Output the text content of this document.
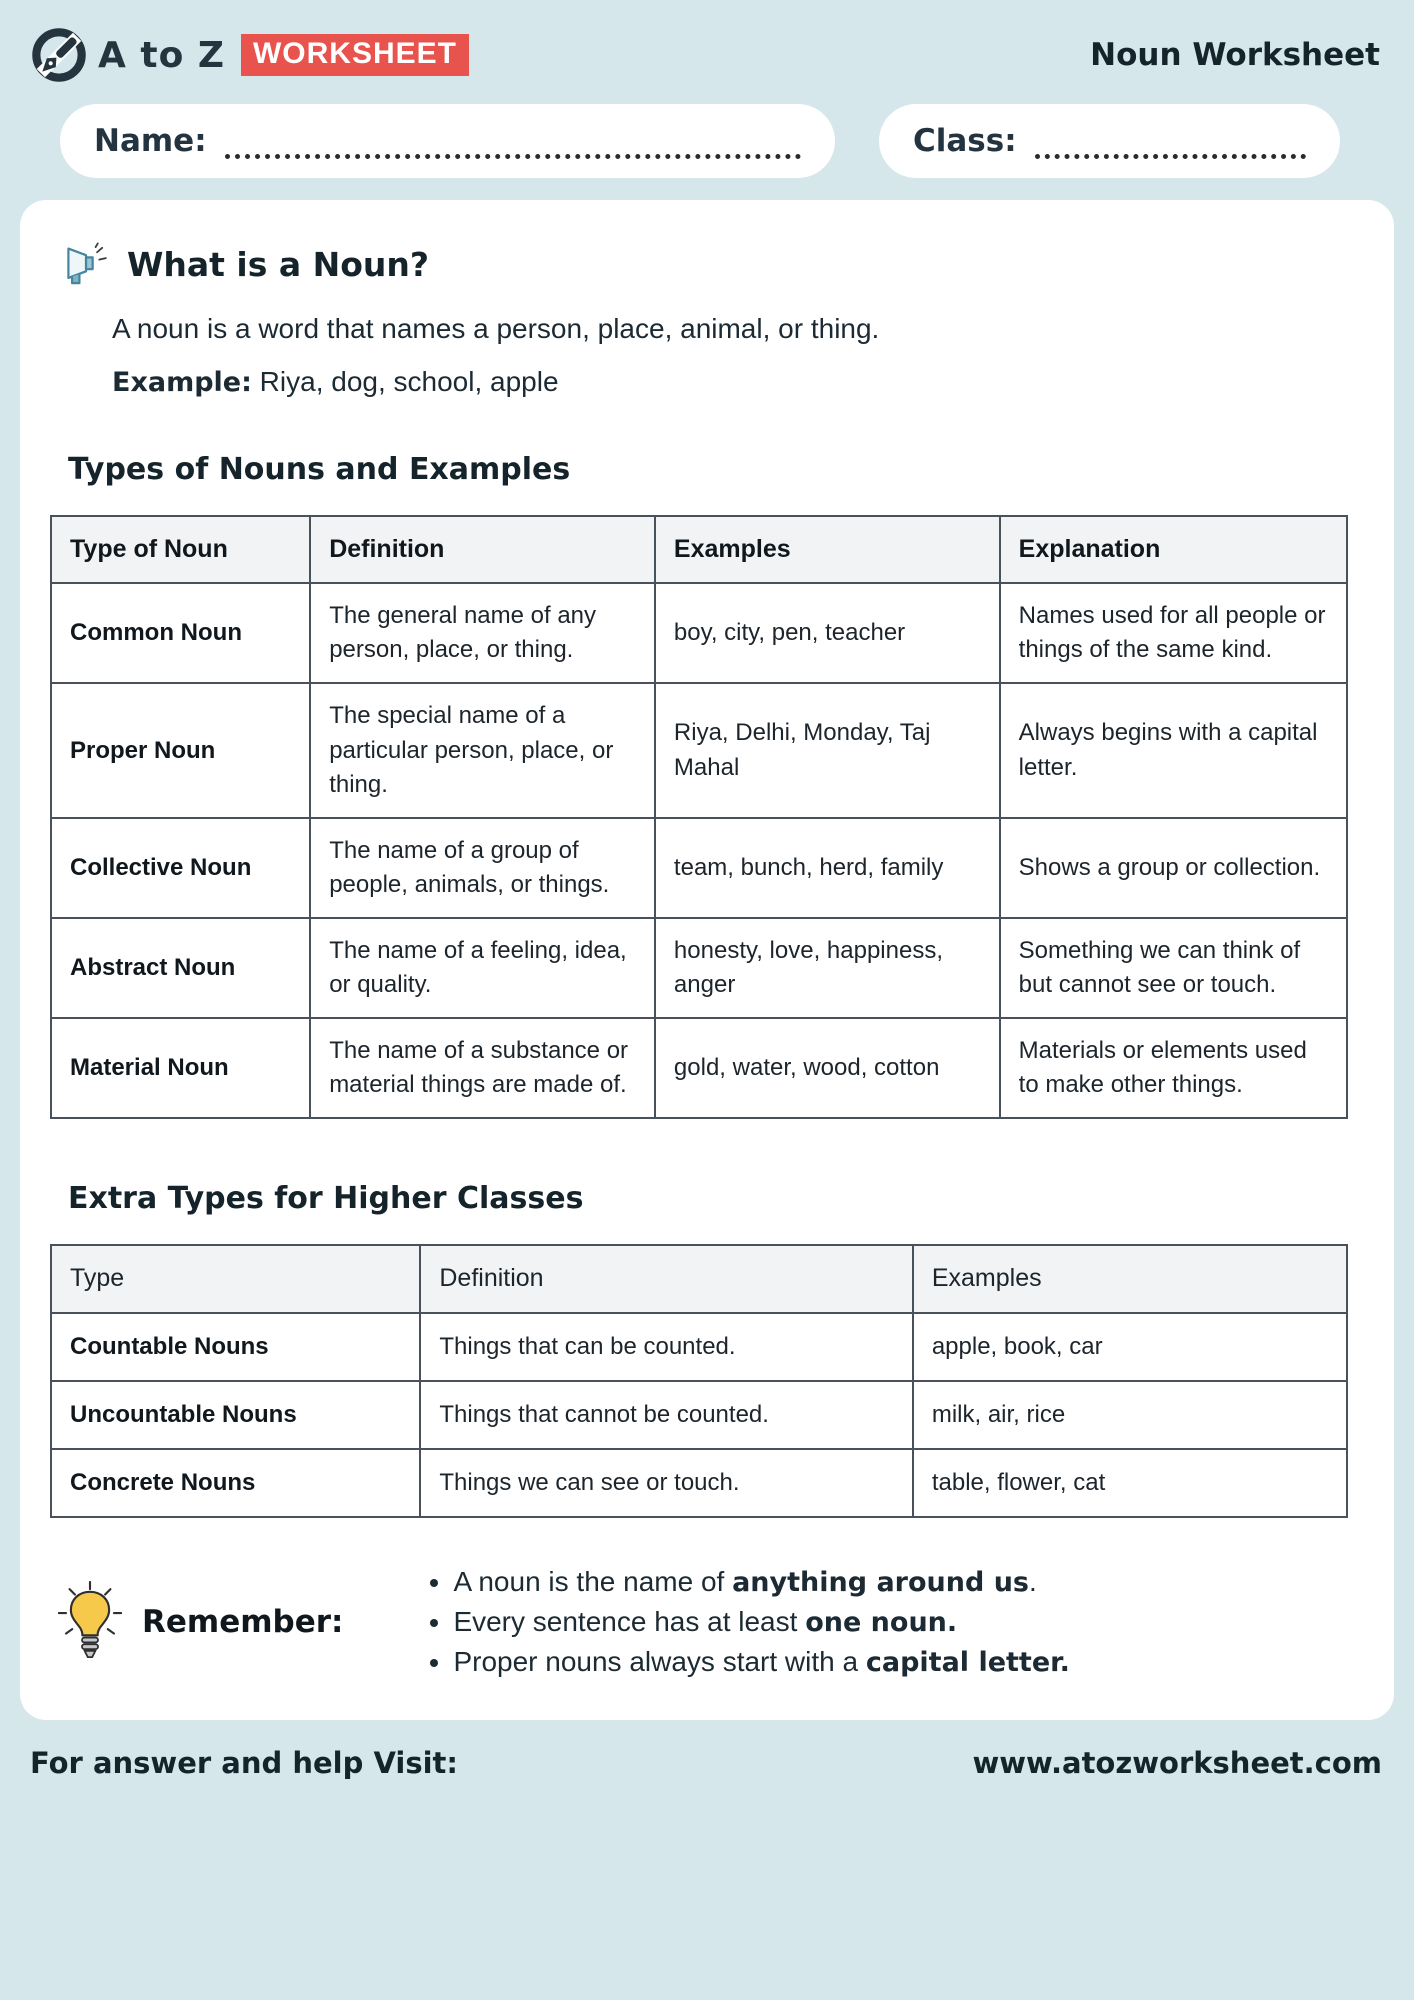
A to Z WORKSHEET	Noun Worksheet
Name:	Class:
What is a Noun?

A noun is a word that names a person, place, animal, or thing.

Example: Riya, dog, school, apple

Types of Nouns and Examples
Type of Noun	Definition	Examples	Explanation
Common Noun	The general name of any person, place, or thing.	boy, city, pen, teacher	Names used for all people or things of the same kind.
Proper Noun	The special name of a particular person, place, or thing.	Riya, Delhi, Monday, Taj Mahal	Always begins with a capital letter.
Collective Noun	The name of a group of people, animals, or things.	team, bunch, herd, family	Shows a group or collection.
Abstract Noun	The name of a feeling, idea, or quality.	honesty, love, happiness, anger	Something we can think of but cannot see or touch.
Material Noun	The name of a substance or material things are made of.	gold, water, wood, cotton	Materials or elements used to make other things.
Extra Types for Higher Classes
Type	Definition	Examples
Countable Nouns	Things that can be counted.	apple, book, car
Uncountable Nouns	Things that cannot be counted.	milk, air, rice
Concrete Nouns	Things we can see or touch.	table, flower, cat
Remember:
• A noun is the name of anything around us.
• Every sentence has at least one noun.
• Proper nouns always start with a capital letter.
For answer and help Visit:	www.atozworksheet.com
